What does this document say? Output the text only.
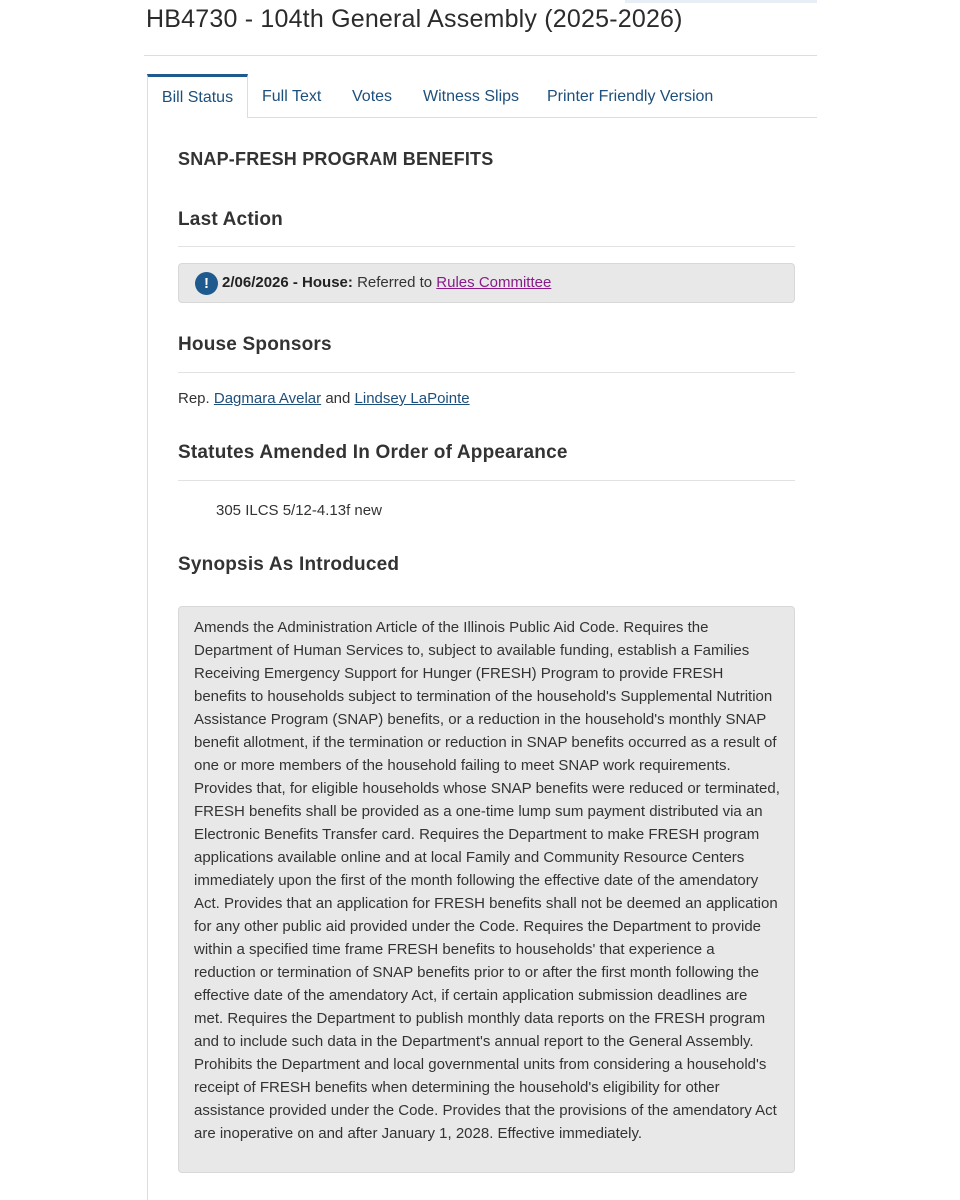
HB4730 - 104th General Assembly (2025-2026)
Bill Status	Full Text Votes Witness Slips Printer Friendly Version
SNAP-FRESH PROGRAM BENEFITS
Last Action
! 2/06/2026 - House: Referred to Rules Committee
House Sponsors
Rep. Dagmara Avelar and Lindsey LaPointe
Statutes Amended In Order of Appearance
305 ILCS 5/12-4.13f new
Synopsis As Introduced
Amends the Administration Article of the Illinois Public Aid Code. Requires the Department of Human Services to, subject to available funding, establish a Families Receiving Emergency Support for Hunger (FRESH) Program to provide FRESH benefits to households subject to termination of the household's Supplemental Nutrition Assistance Program (SNAP) benefits, or a reduction in the household's monthly SNAP benefit allotment, if the termination or reduction in SNAP benefits occurred as a result of one or more members of the household failing to meet SNAP work requirements. Provides that, for eligible households whose SNAP benefits were reduced or terminated, FRESH benefits shall be provided as a one-time lump sum payment distributed via an Electronic Benefits Transfer card. Requires the Department to make FRESH program applications available online and at local Family and Community Resource Centers immediately upon the first of the month following the effective date of the amendatory Act. Provides that an application for FRESH benefits shall not be deemed an application for any other public aid provided under the Code. Requires the Department to provide within a specified time frame FRESH benefits to households' that experience a reduction or termination of SNAP benefits prior to or after the first month following the effective date of the amendatory Act, if certain application submission deadlines are met. Requires the Department to publish monthly data reports on the FRESH program and to include such data in the Department's annual report to the General Assembly. Prohibits the Department and local governmental units from considering a household's receipt of FRESH benefits when determining the household's eligibility for other assistance provided under the Code. Provides that the provisions of the amendatory Act are inoperative on and after January 1, 2028. Effective immediately.
